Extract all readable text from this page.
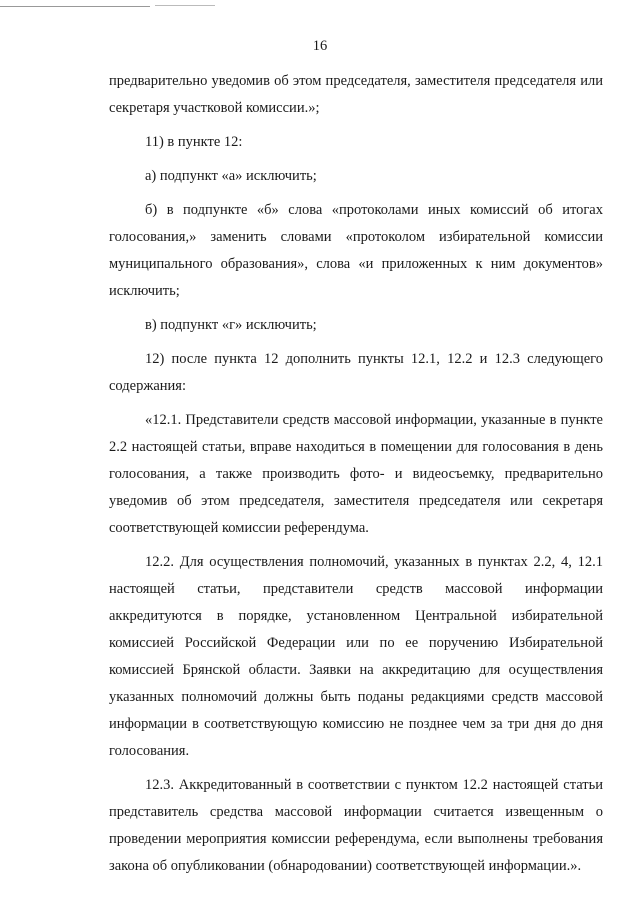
16

предварительно уведомив об этом председателя, заместителя председателя или секретаря участковой комиссии.»;

11) в пункте 12:

а) подпункт «а» исключить;

б) в подпункте «б» слова «протоколами иных комиссий об итогах голосования,» заменить словами «протоколом избирательной комиссии муниципального образования», слова «и приложенных к ним документов» исключить;

в) подпункт «г» исключить;

12) после пункта 12 дополнить пункты 12.1, 12.2 и 12.3 следующего содержания:

«12.1. Представители средств массовой информации, указанные в пункте 2.2 настоящей статьи, вправе находиться в помещении для голосования в день голосования, а также производить фото- и видеосъемку, предварительно уведомив об этом председателя, заместителя председателя или секретаря соответствующей комиссии референдума.

12.2. Для осуществления полномочий, указанных в пунктах 2.2, 4, 12.1 настоящей статьи, представители средств массовой информации аккредитуются в порядке, установленном Центральной избирательной комиссией Российской Федерации или по ее поручению Избирательной комиссией Брянской области. Заявки на аккредитацию для осуществления указанных полномочий должны быть поданы редакциями средств массовой информации в соответствующую комиссию не позднее чем за три дня до дня голосования.

12.3. Аккредитованный в соответствии с пунктом 12.2 настоящей статьи представитель средства массовой информации считается извещенным о проведении мероприятия комиссии референдума, если выполнены требования закона об опубликовании (обнародовании) соответствующей информации.».
